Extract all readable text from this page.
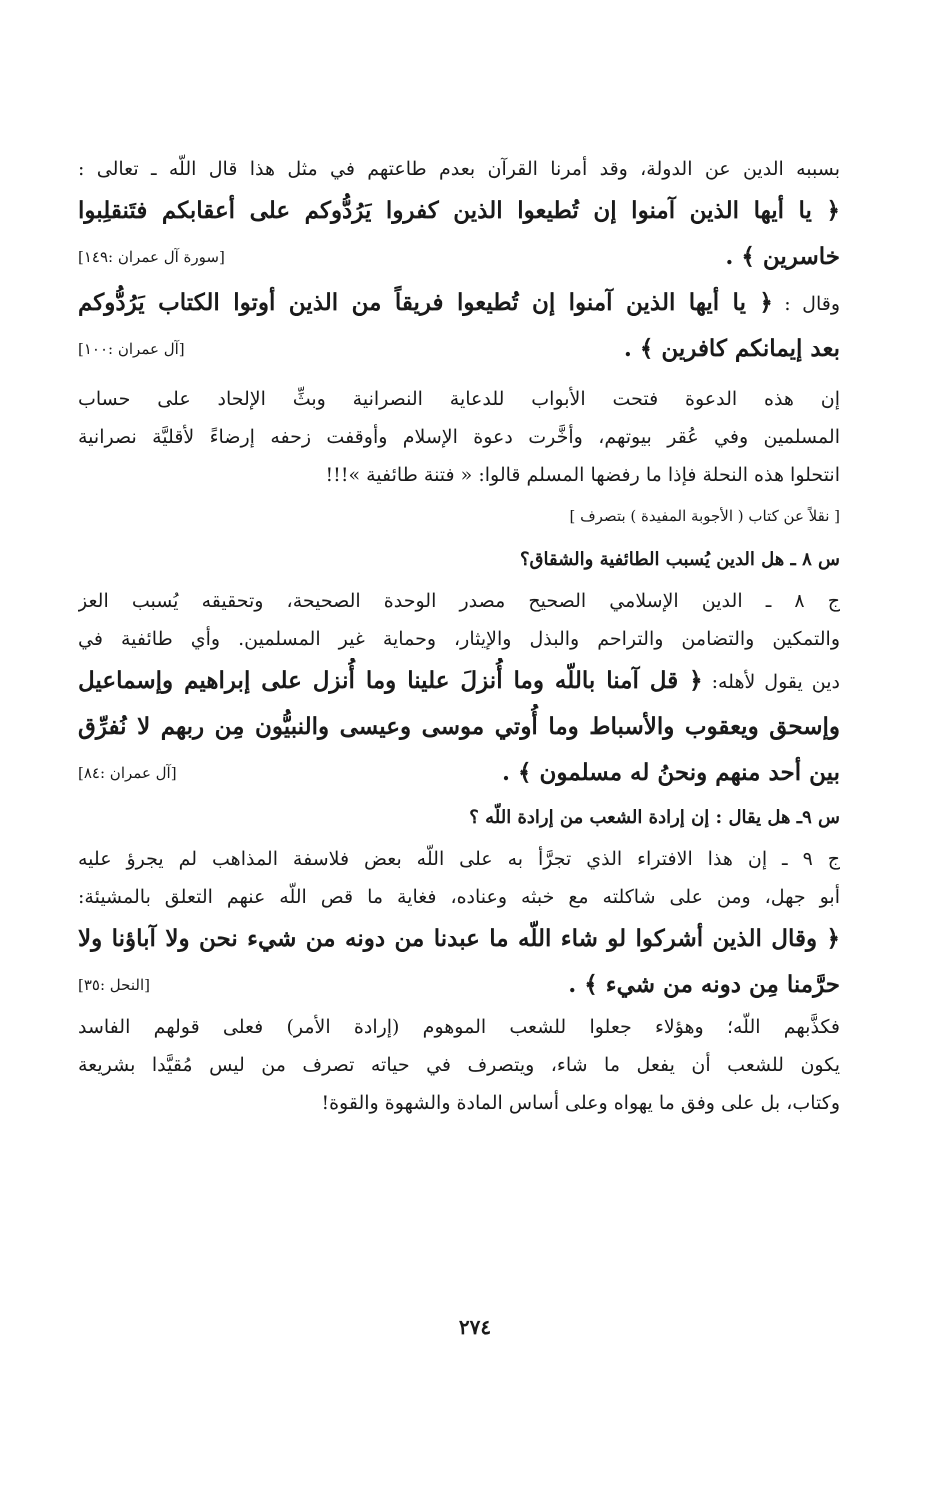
بسببه الدين عن الدولة، وقد أمرنا القرآن بعدم طاعتهم في مثل هذا قال اللّه ـ تعالى :
﴿ يا أيها الذين آمنوا إن تُطيعوا الذين كفروا يَرُدُّوكم على أعقابكم فتَنقلِبوا
خاسرين ﴾ .
[سورة آل عمران :١٤٩]
وقال : ﴿ يا أيها الذين آمنوا إن تُطيعوا فريقاً من الذين أوتوا الكتاب يَرُدُّوكم
بعد إيمانكم كافرين ﴾ .
[آل عمران :١٠٠]
إن هذه الدعوة فتحت الأبواب للدعاية النصرانية وبثِّ الإلحاد على حساب
المسلمين وفي عُقر بيوتهم، وأخَّرت دعوة الإسلام وأوقفت زحفه إرضاءً لأقليَّة نصرانية
انتحلوا هذه النحلة فإذا ما رفضها المسلم قالوا: « فتنة طائفية »!!!
[ نقلاً عن كتاب ( الأجوبة المفيدة ) بتصرف ]
س ٨ ـ هل الدين يُسبب الطائفية والشقاق؟
ج ٨ ـ الدين الإسلامي الصحيح مصدر الوحدة الصحيحة، وتحقيقه يُسبب العز
والتمكين والتضامن والتراحم والبذل والإيثار، وحماية غير المسلمين. وأي طائفية في
دين يقول لأهله: ﴿ قل آمنا باللّه وما أُنزلَ علينا وما أُنزل على إبراهيم وإسماعيل
وإسحق ويعقوب والأسباط وما أُوتي موسى وعيسى والنبيُّون مِن ربهم لا نُفرِّق
بين أحد منهم ونحنُ له مسلمون ﴾ .
[آل عمران :٨٤]
س ٩ـ هل يقال : إن إرادة الشعب من إرادة اللّه ؟
ج ٩ ـ إن هذا الافتراء الذي تجرَّأ به على اللّه بعض فلاسفة المذاهب لم يجرؤ عليه
أبو جهل، ومن على شاكلته مع خبثه وعناده، فغاية ما قص اللّه عنهم التعلق بالمشيئة:
﴿ وقال الذين أشركوا لو شاء اللّه ما عبدنا من دونه من شيء نحن ولا آباؤنا ولا
حرَّمنا مِن دونه من شيء ﴾ .
[النحل :٣٥]
فكذَّبهم اللّه؛ وهؤلاء جعلوا للشعب الموهوم (إرادة الأمر) فعلى قولهم الفاسد
يكون للشعب أن يفعل ما شاء، ويتصرف في حياته تصرف من ليس مُقيَّدا بشريعة
وكتاب، بل على وفق ما يهواه وعلى أساس المادة والشهوة والقوة!
٢٧٤
